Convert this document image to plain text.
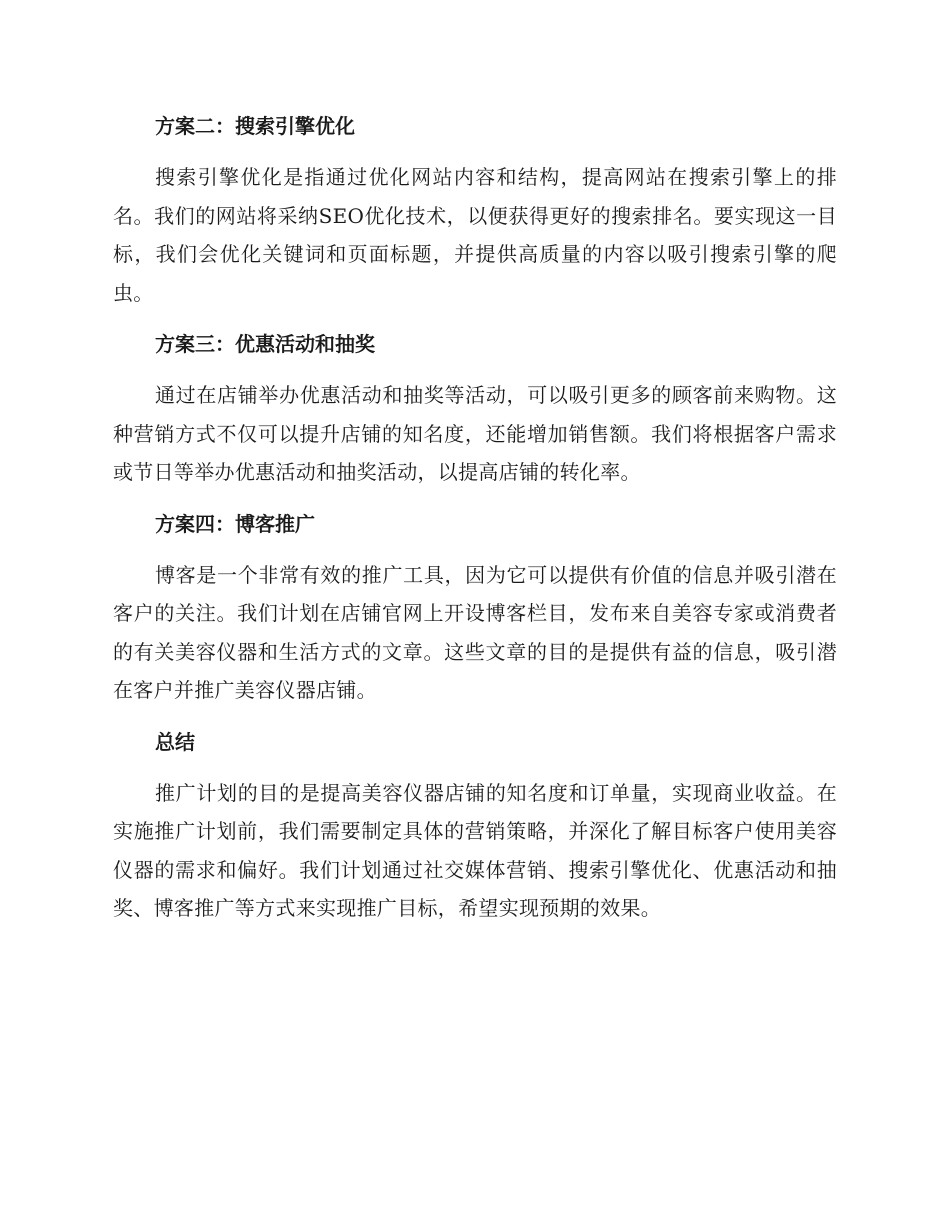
方案二：搜索引擎优化

搜索引擎优化是指通过优化网站内容和结构，提高网站在搜索引擎上的排名。我们的网站将采纳SEO优化技术，以便获得更好的搜索排名。要实现这一目标，我们会优化关键词和页面标题，并提供高质量的内容以吸引搜索引擎的爬虫。

方案三：优惠活动和抽奖

通过在店铺举办优惠活动和抽奖等活动，可以吸引更多的顾客前来购物。这种营销方式不仅可以提升店铺的知名度，还能增加销售额。我们将根据客户需求或节日等举办优惠活动和抽奖活动，以提高店铺的转化率。

方案四：博客推广

博客是一个非常有效的推广工具，因为它可以提供有价值的信息并吸引潜在客户的关注。我们计划在店铺官网上开设博客栏目，发布来自美容专家或消费者的有关美容仪器和生活方式的文章。这些文章的目的是提供有益的信息，吸引潜在客户并推广美容仪器店铺。

总结

推广计划的目的是提高美容仪器店铺的知名度和订单量，实现商业收益。在实施推广计划前，我们需要制定具体的营销策略，并深化了解目标客户使用美容仪器的需求和偏好。我们计划通过社交媒体营销、搜索引擎优化、优惠活动和抽奖、博客推广等方式来实现推广目标，希望实现预期的效果。
